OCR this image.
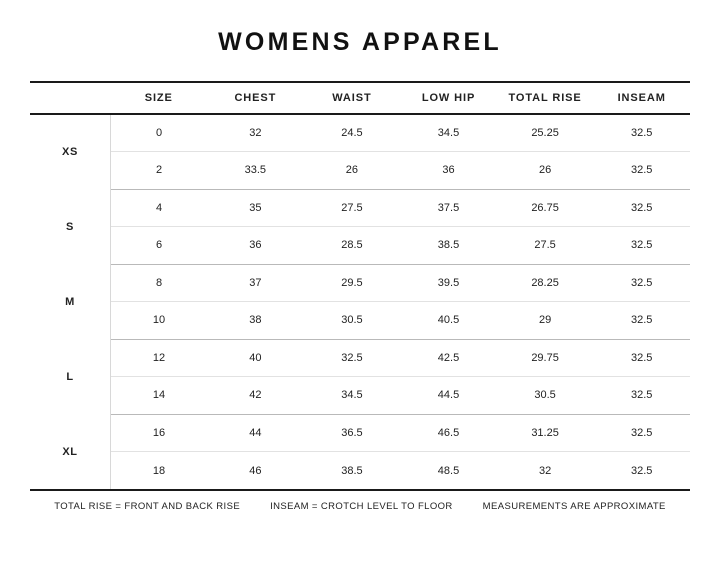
WOMENS APPAREL
	SIZE	CHEST	WAIST	LOW HIP	TOTAL RISE	INSEAM
XS	0	32	24.5	34.5	25.25	32.5
	2	33.5	26	36	26	32.5
S	4	35	27.5	37.5	26.75	32.5
	6	36	28.5	38.5	27.5	32.5
M	8	37	29.5	39.5	28.25	32.5
	10	38	30.5	40.5	29	32.5
L	12	40	32.5	42.5	29.75	32.5
	14	42	34.5	44.5	30.5	32.5
XL	16	44	36.5	46.5	31.25	32.5
	18	46	38.5	48.5	32	32.5
TOTAL RISE = FRONT AND BACK RISE	INSEAM = CROTCH LEVEL TO FLOOR	MEASUREMENTS ARE APPROXIMATE
